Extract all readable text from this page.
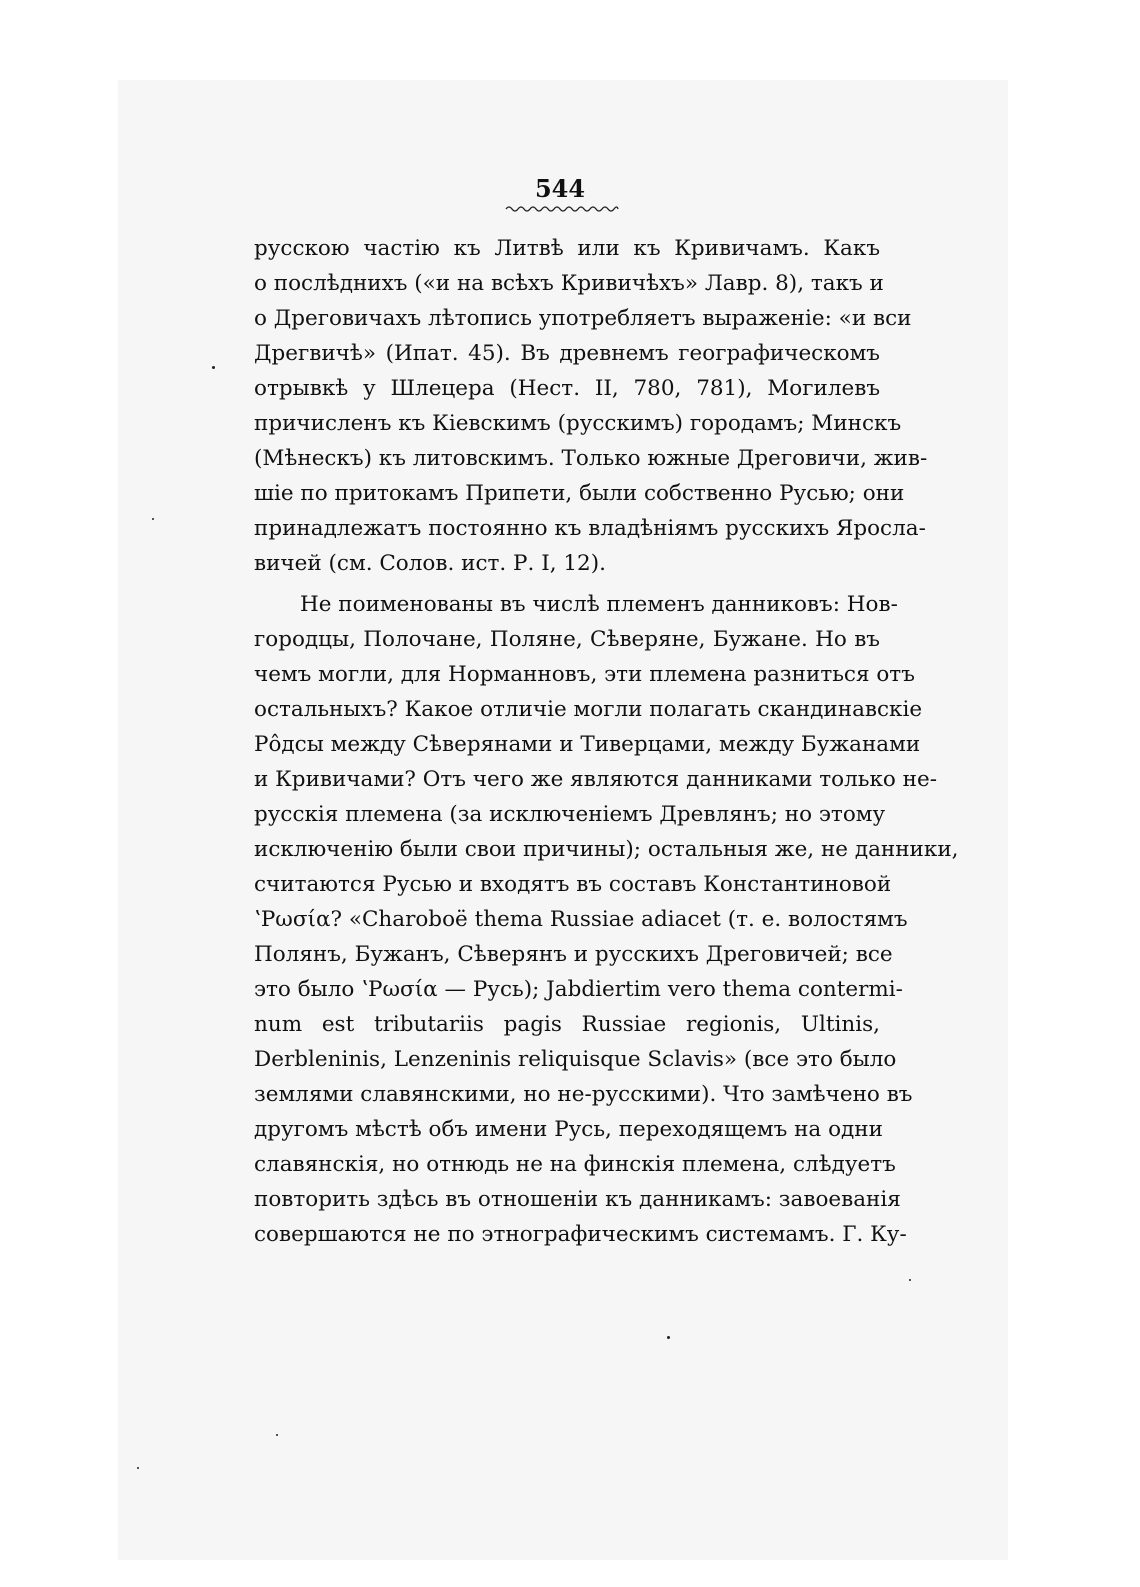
544
русскою частію къ Литвѣ или къ Кривичамъ. Какъ
о послѣднихъ («и на всѣхъ Кривичѣхъ» Лавр. 8), такъ и
о Дреговичахъ лѣтопись употребляетъ выраженіе: «и вси
Дрегвичѣ» (Ипат. 45). Въ древнемъ географическомъ
отрывкѣ у Шлецера (Нест. II, 780, 781), Могилевъ
причисленъ къ Кіевскимъ (русскимъ) городамъ; Минскъ
(Мѣнескъ) къ литовскимъ. Только южные Дреговичи, жив-
шіе по притокамъ Припети, были собственно Русью; они
принадлежатъ постоянно къ владѣніямъ русскихъ Яросла-
вичей (см. Солов. ист. Р. I, 12).
Не поименованы въ числѣ племенъ данниковъ: Нов-
городцы, Полочане, Поляне, Сѣверяне, Бужане. Но въ
чемъ могли, для Норманновъ, эти племена разниться отъ
остальныхъ? Какое отличіе могли полагать скандинавскіе
Рôдсы между Сѣверянами и Тиверцами, между Бужанами
и Кривичами? Отъ чего же являются данниками только не-
русскія племена (за исключеніемъ Древлянъ; но этому
исключенію были свои причины); остальныя же, не данники,
считаются Русью и входятъ въ составъ Константиновой
ʽΡωσία? «Charoboë thema Russiae adiacet (т. е. волостямъ
Полянъ, Бужанъ, Сѣверянъ и русскихъ Дреговичей; все
это было ʽΡωσία — Русь); Jabdiertim vero thema contermi-
num est tributariis pagis Russiae regionis, Ultinis,
Derbleninis, Lenzeninis reliquisque Sclavis» (все это было
землями славянскими, но не-русскими). Что замѣчено въ
другомъ мѣстѣ объ имени Русь, переходящемъ на одни
славянскія, но отнюдь не на финскія племена, слѣдуетъ
повторить здѣсь въ отношеніи къ данникамъ: завоеванія
совершаются не по этнографическимъ системамъ. Г. Ку-
